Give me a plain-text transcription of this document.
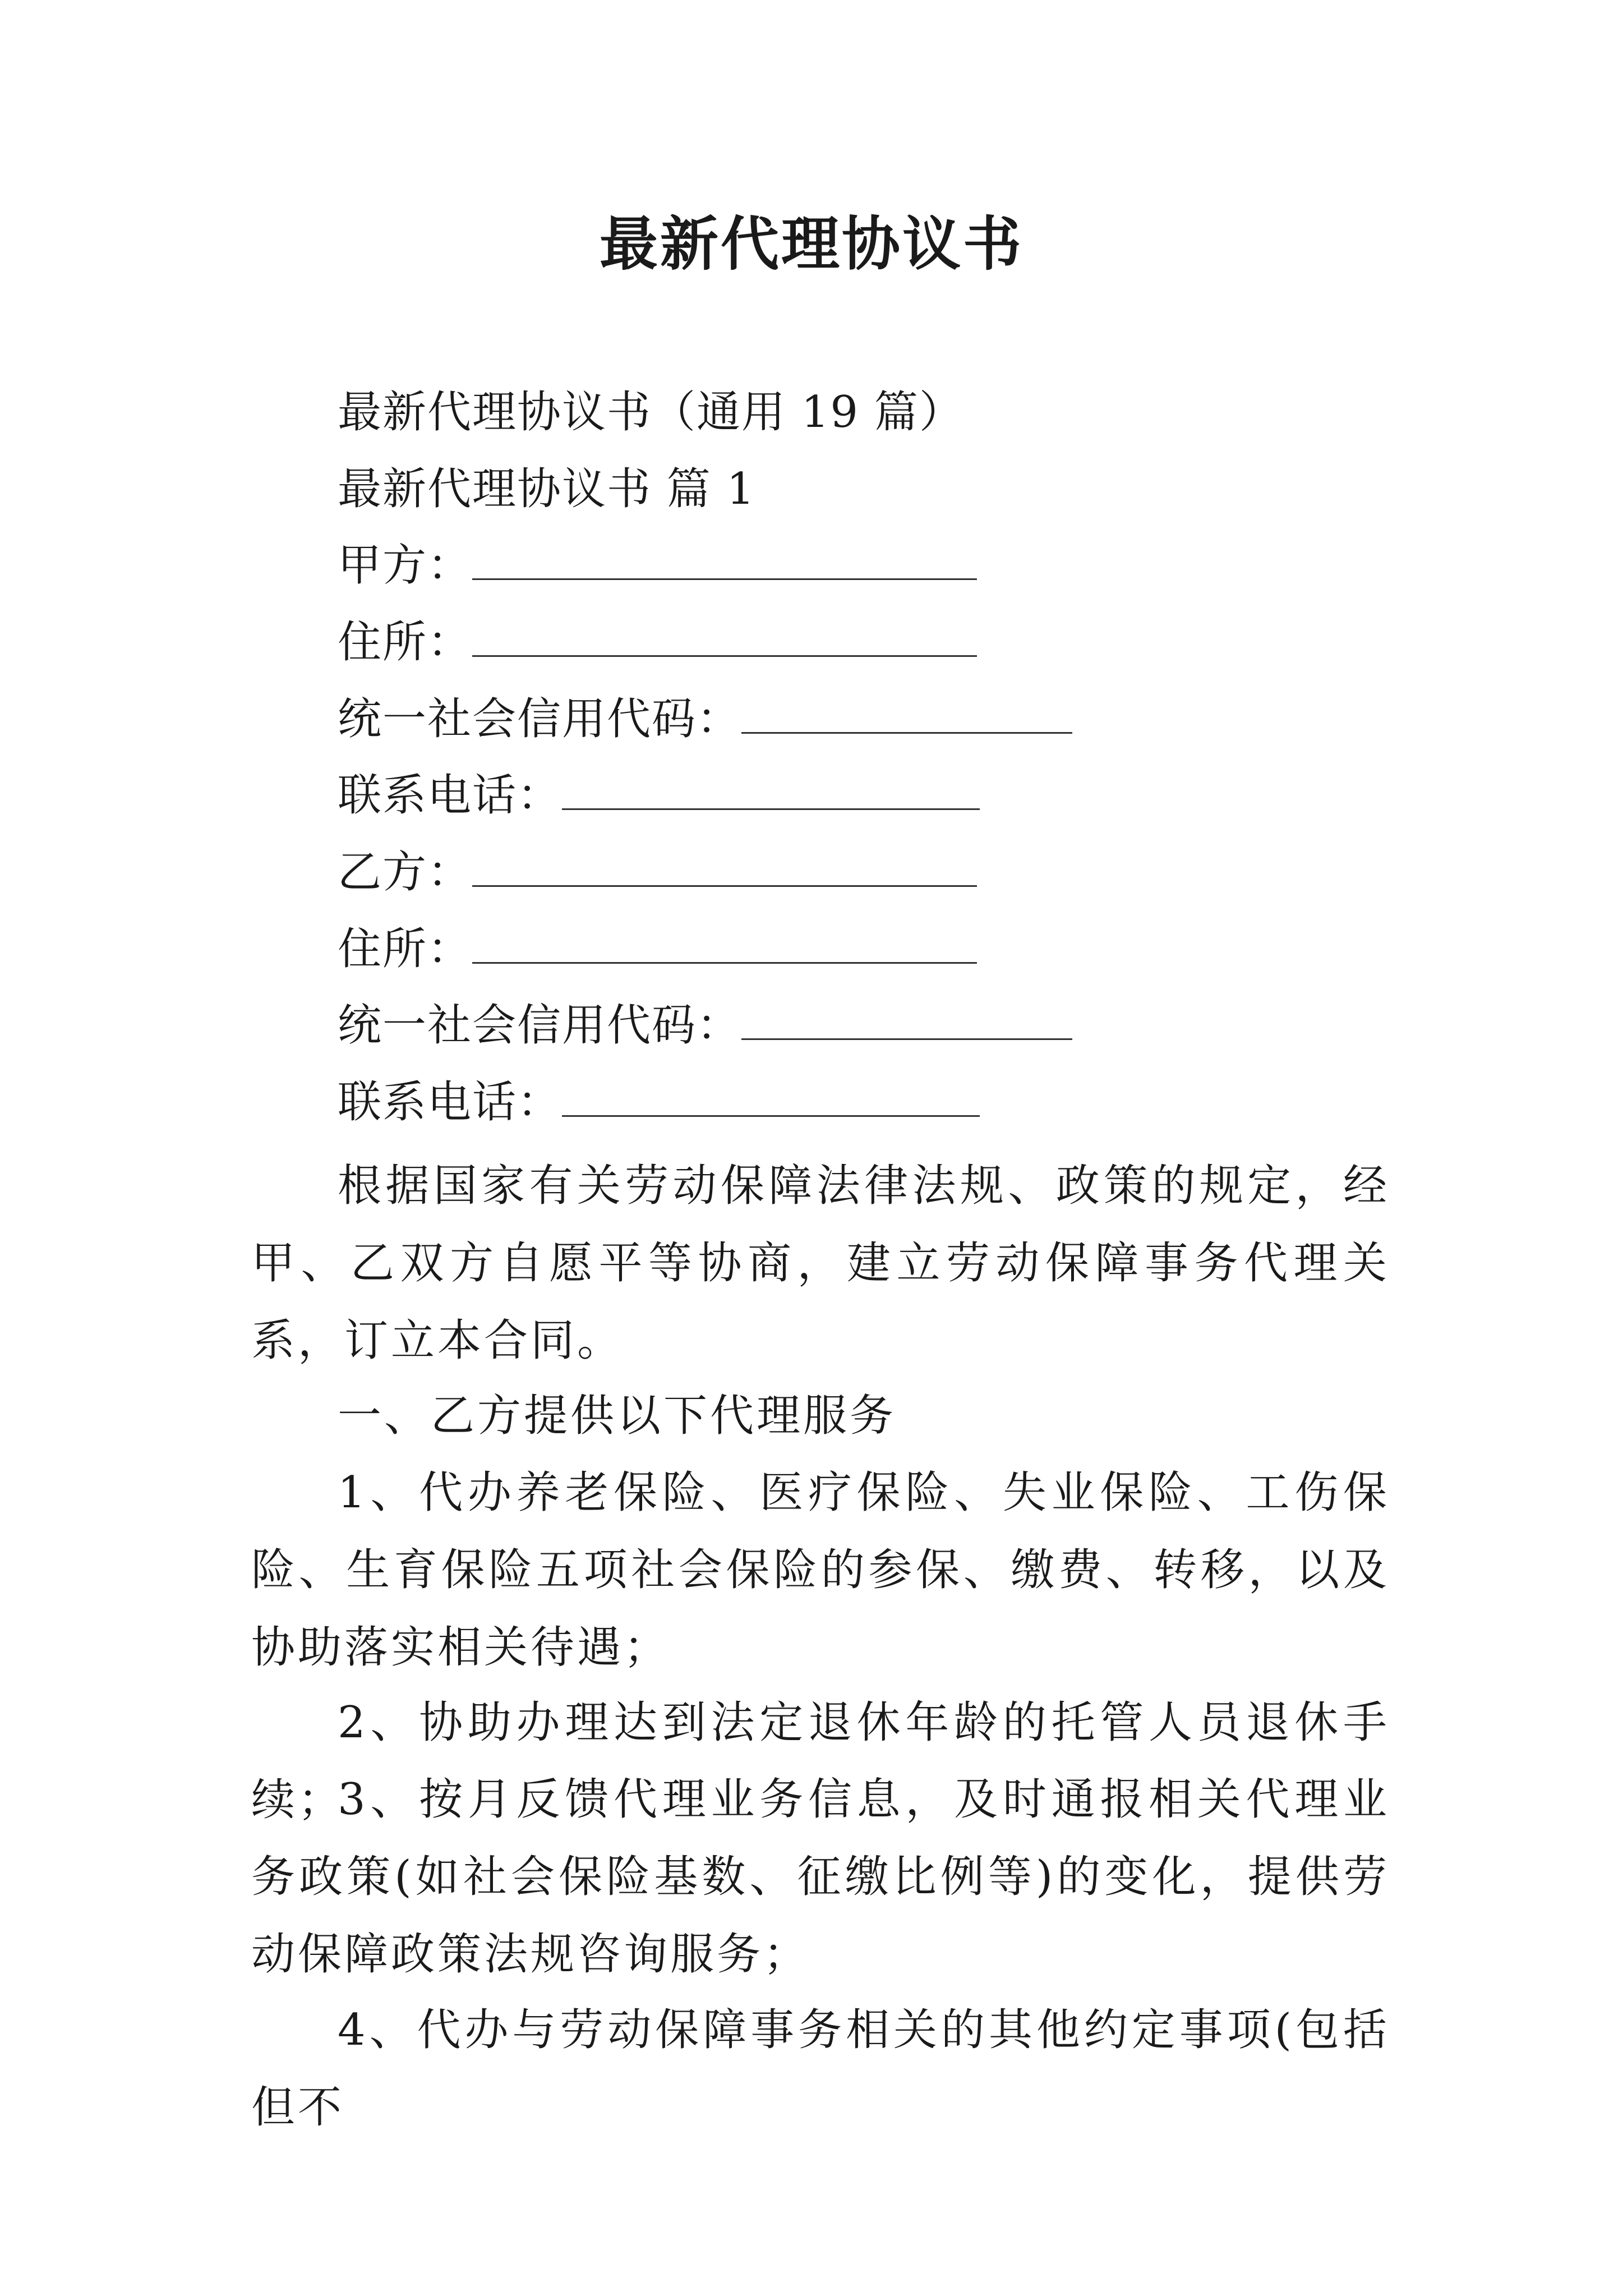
最新代理协议书
最新代理协议书（通用 19 篇）
最新代理协议书 篇 1
甲方：
住所：
统一社会信用代码：
联系电话：
乙方：
住所：
统一社会信用代码：
联系电话：

根据国家有关劳动保障法律法规、政策的规定，经甲、乙双方自愿平等协商，建立劳动保障事务代理关系，订立本合同。

一、乙方提供以下代理服务

1、代办养老保险、医疗保险、失业保险、工伤保险、生育保险五项社会保险的参保、缴费、转移，以及协助落实相关待遇；

2、协助办理达到法定退休年龄的托管人员退休手续；

3、按月反馈代理业务信息，及时通报相关代理业务政策(如社会保险基数、征缴比例等)的变化，提供劳动保障政策法规咨询服务；

4、代办与劳动保障事务相关的其他约定事项(包括但不
